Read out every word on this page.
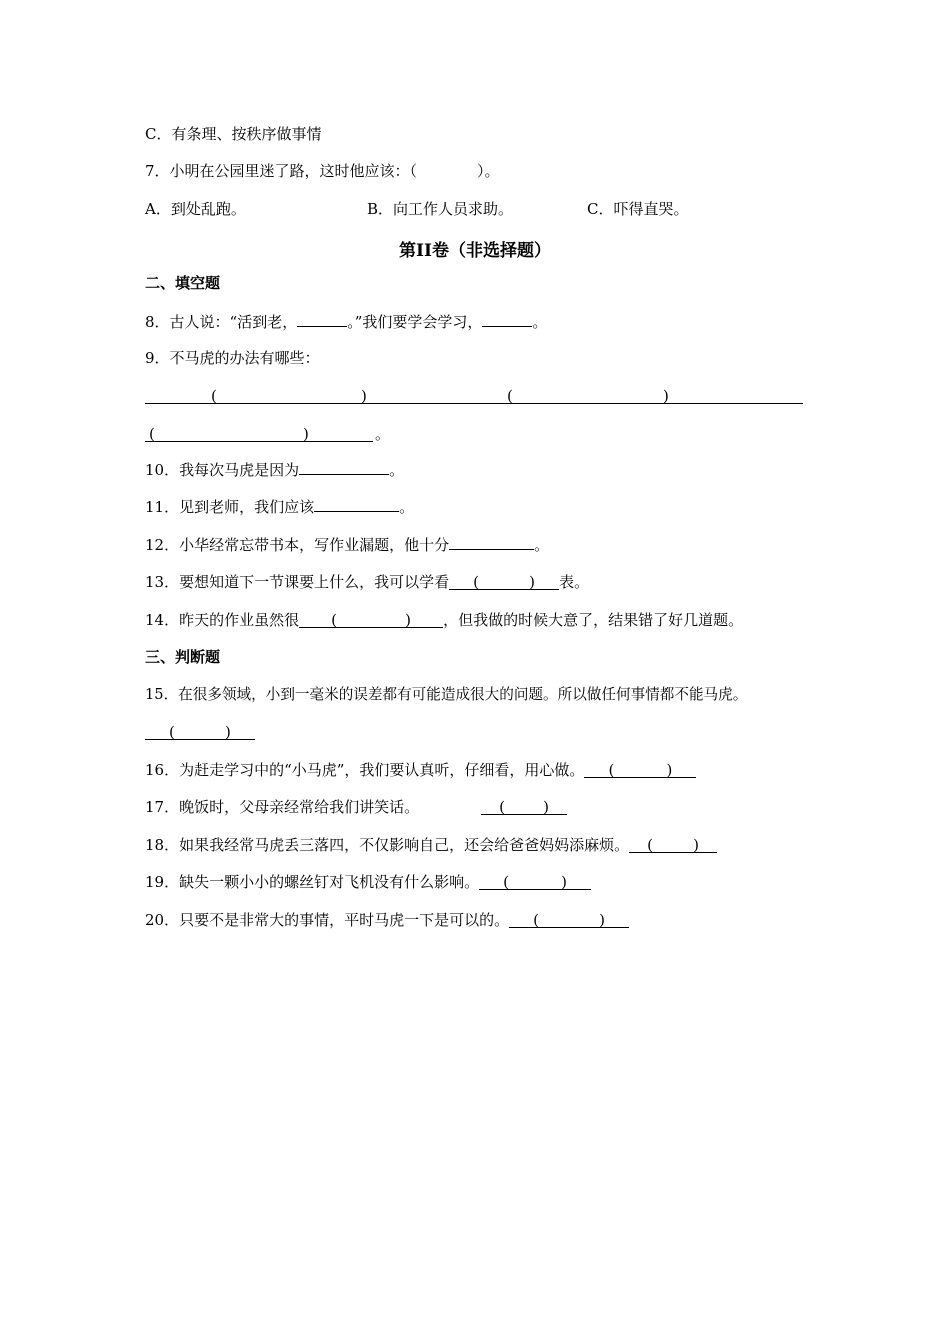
C．有条理、按秩序做事情
7．小明在公园里迷了路，这时他应该：（　　　　）。
A．到处乱跑。	B．向工作人员求助。	C．吓得直哭。
第II卷（非选择题）
二、填空题
8．古人说：“活到老，	。”我们要学会学习，	。
9．不马虎的办法有哪些：
(	)	(	)
(	)	。
10．我每次马虎是因为	。
11．见到老师，我们应该	。
12．小华经常忘带书本，写作业漏题，他十分	。
13．要想知道下一节课要上什么，我可以学看 (	) 表。
14．昨天的作业虽然很 (	) ，但我做的时候大意了，结果错了好几道题。
三、判断题
15．在很多领域，小到一毫米的误差都有可能造成很大的问题。所以做任何事情都不能马虎。
(	)
16．为赶走学习中的“小马虎”，我们要认真听，仔细看，用心做。 (	)
17．晚饭时，父母亲经常给我们讲笑话。	(	)
18．如果我经常马虎丢三落四，不仅影响自己，还会给爸爸妈妈添麻烦。 (	)
19．缺失一颗小小的螺丝钉对飞机没有什么影响。 (	)
20．只要不是非常大的事情，平时马虎一下是可以的。 (	)
